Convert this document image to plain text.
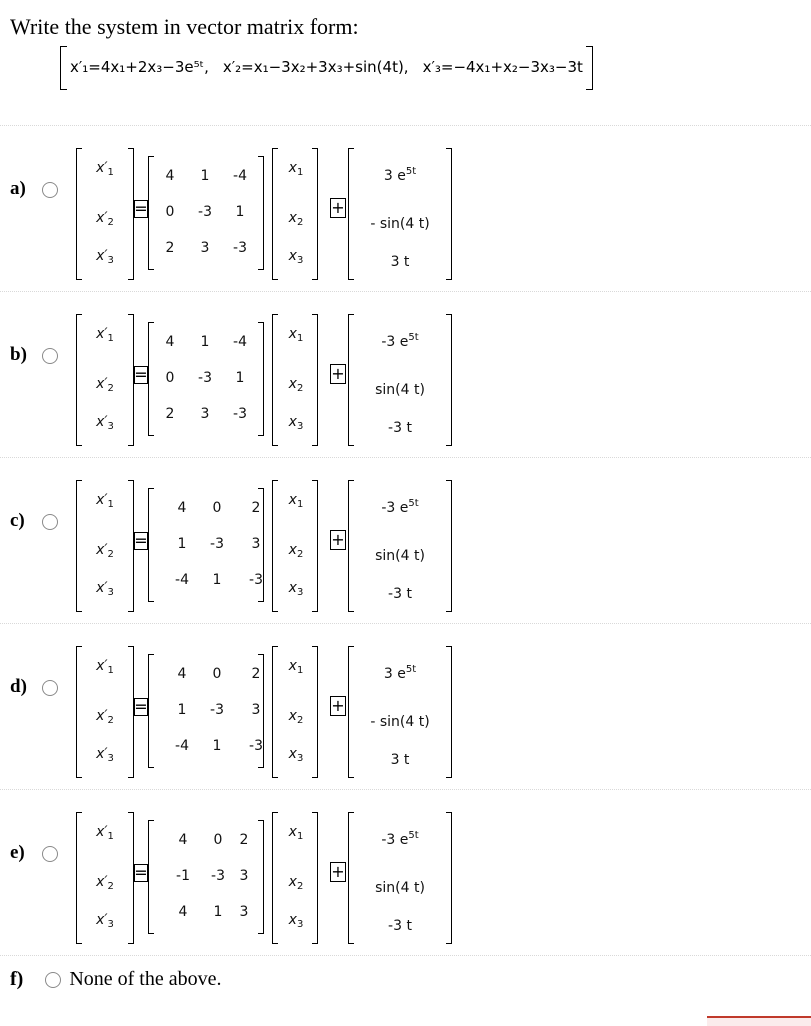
Write the system in vector matrix form:
x′₁=4x₁+2x₃−3e⁵ᵗ, x′₂=x₁−3x₂+3x₃+sin(4t), x′₃=−4x₁+x₂−3x₃−3t
a)
$x'_1$
$x'_2$
$x'_3$
=
4 1 -4
0 -3 1
2 3 -3
$x_1$
$x_2$
$x_3$
+
3 $e^{5t}$
- sin(4 t)
3 t
b)
$x'_1$
$x'_2$
$x'_3$
=
4 1 -4
0 -3 1
2 3 -3
$x_1$
$x_2$
$x_3$
+
-3 $e^{5t}$
sin(4 t)
-3 t
c)
$x'_1$
$x'_2$
$x'_3$
=
4 0 2
1 -3 3
-4 1 -3
$x_1$
$x_2$
$x_3$
+
-3 $e^{5t}$
sin(4 t)
-3 t
d)
$x'_1$
$x'_2$
$x'_3$
=
4 0 2
1 -3 3
-4 1 -3
$x_1$
$x_2$
$x_3$
+
3 $e^{5t}$
- sin(4 t)
3 t
e)
$x'_1$
$x'_2$
$x'_3$
=
4 0 2
-1 -3 3
4 1 3
$x_1$
$x_2$
$x_3$
+
-3 $e^{5t}$
sin(4 t)
-3 t
f) None of the above.
